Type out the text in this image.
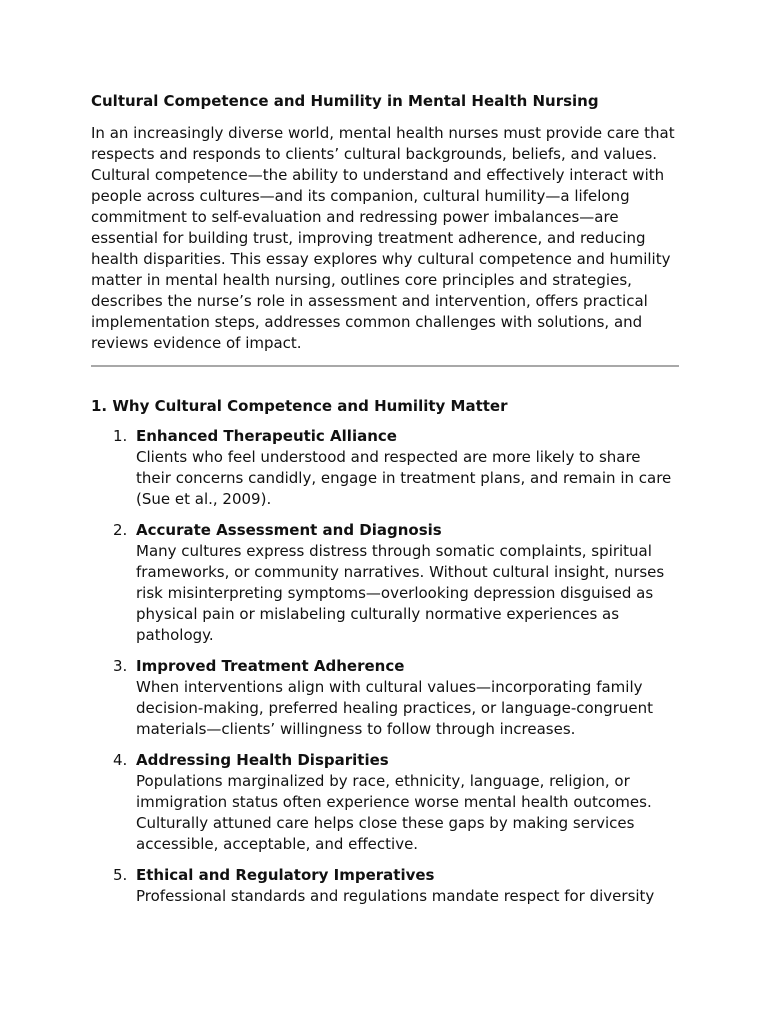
Cultural Competence and Humility in Mental Health Nursing

In an increasingly diverse world, mental health nurses must provide care that respects and responds to clients’ cultural backgrounds, beliefs, and values. Cultural competence—the ability to understand and effectively interact with people across cultures—and its companion, cultural humility—a lifelong commitment to self-evaluation and redressing power imbalances—are essential for building trust, improving treatment adherence, and reducing health disparities. This essay explores why cultural competence and humility matter in mental health nursing, outlines core principles and strategies, describes the nurse’s role in assessment and intervention, offers practical implementation steps, addresses common challenges with solutions, and reviews evidence of impact.

1. Why Cultural Competence and Humility Matter
1. Enhanced Therapeutic Alliance
Clients who feel understood and respected are more likely to share their concerns candidly, engage in treatment plans, and remain in care (Sue et al., 2009).
2. Accurate Assessment and Diagnosis
Many cultures express distress through somatic complaints, spiritual frameworks, or community narratives. Without cultural insight, nurses risk misinterpreting symptoms—overlooking depression disguised as physical pain or mislabeling culturally normative experiences as pathology.
3. Improved Treatment Adherence
When interventions align with cultural values—incorporating family decision-making, preferred healing practices, or language-congruent materials—clients’ willingness to follow through increases.
4. Addressing Health Disparities
Populations marginalized by race, ethnicity, language, religion, or immigration status often experience worse mental health outcomes. Culturally attuned care helps close these gaps by making services accessible, acceptable, and effective.
5. Ethical and Regulatory Imperatives
Professional standards and regulations mandate respect for diversity
